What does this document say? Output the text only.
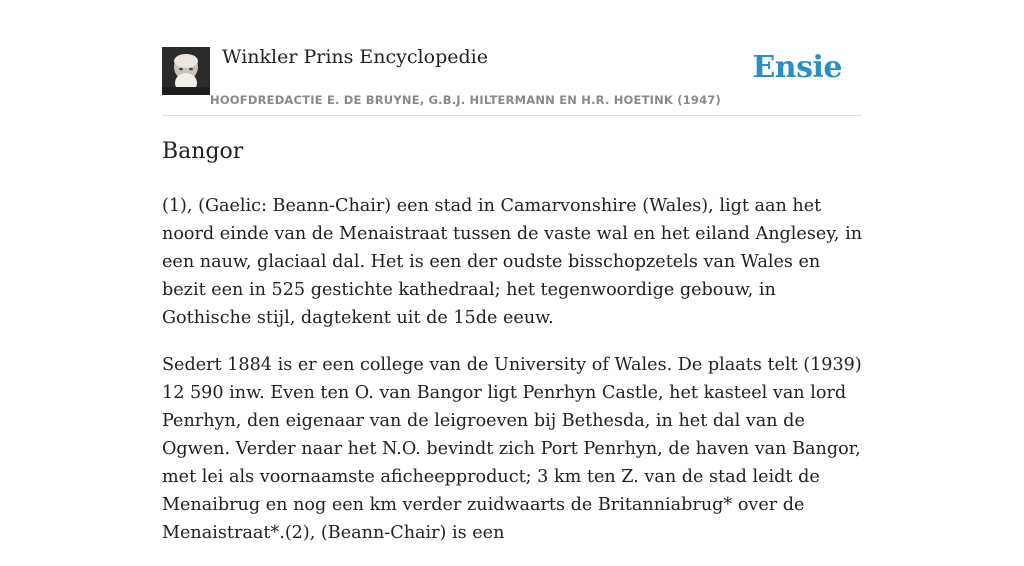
Winkler Prins Encyclopedie
HOOFDREDACTIE E. DE BRUYNE, G.B.J. HILTERMANN EN H.R. HOETINK (1947)
Ensie
Bangor

(1), (Gaelic: Beann-Chair) een stad in Camarvonshire (Wales), ligt aan het noord einde van de Menaistraat tussen de vaste wal en het eiland Anglesey, in een nauw, glaciaal dal. Het is een der oudste bisschopzetels van Wales en bezit een in 525 gestichte kathedraal; het tegenwoordige gebouw, in Gothische stijl, dagtekent uit de 15de eeuw.

Sedert 1884 is er een college van de University of Wales. De plaats telt (1939) 12 590 inw. Even ten O. van Bangor ligt Penrhyn Castle, het kasteel van lord Penrhyn, den eigenaar van de leigroeven bij Bethesda, in het dal van de Ogwen. Verder naar het N.O. bevindt zich Port Penrhyn, de haven van Bangor, met lei als voornaamste aficheepproduct; 3 km ten Z. van de stad leidt de Menaibrug en nog een km verder zuidwaarts de Britanniabrug* over de Menaistraat*.(2), (Beann-Chair) is een
